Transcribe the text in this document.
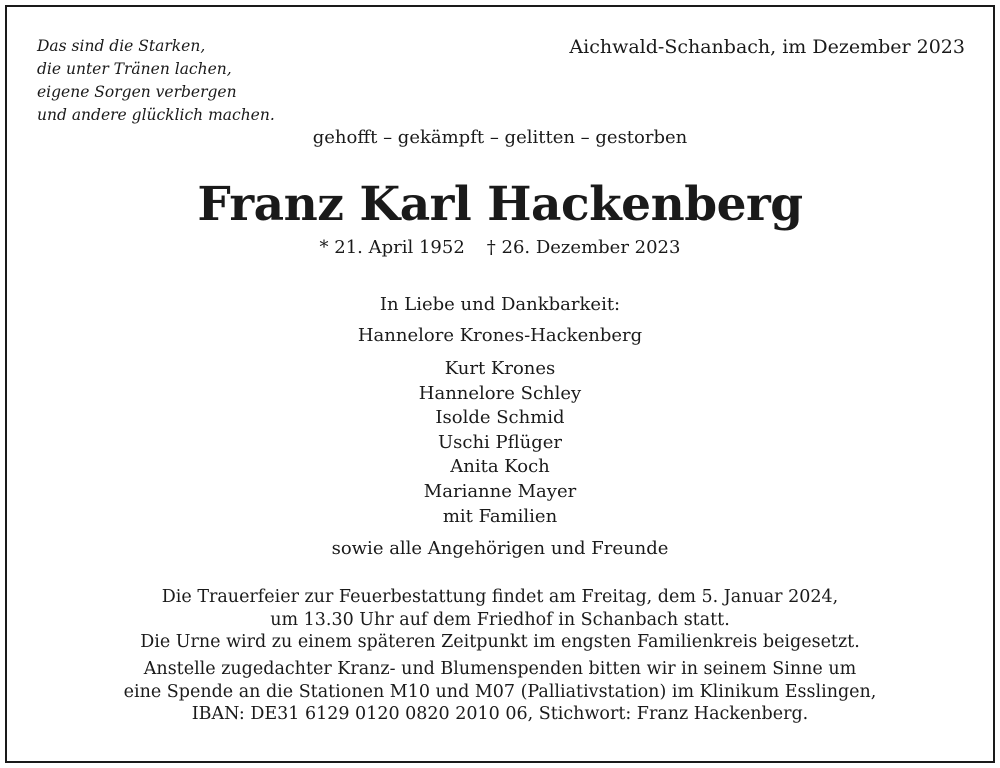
Das sind die Starken,
die unter Tränen lachen,
eigene Sorgen verbergen
und andere glücklich machen.
Aichwald-Schanbach, im Dezember 2023
gehofft – gekämpft – gelitten – gestorben
Franz Karl Hackenberg
* 21. April 1952 † 26. Dezember 2023
In Liebe und Dankbarkeit:
Hannelore Krones-Hackenberg
Kurt Krones
Hannelore Schley
Isolde Schmid
Uschi Pflüger
Anita Koch
Marianne Mayer
mit Familien
sowie alle Angehörigen und Freunde
Die Trauerfeier zur Feuerbestattung findet am Freitag, dem 5. Januar 2024,
um 13.30 Uhr auf dem Friedhof in Schanbach statt.
Die Urne wird zu einem späteren Zeitpunkt im engsten Familienkreis beigesetzt.
Anstelle zugedachter Kranz- und Blumenspenden bitten wir in seinem Sinne um
eine Spende an die Stationen M10 und M07 (Palliativstation) im Klinikum Esslingen,
IBAN: DE31 6129 0120 0820 2010 06, Stichwort: Franz Hackenberg.
